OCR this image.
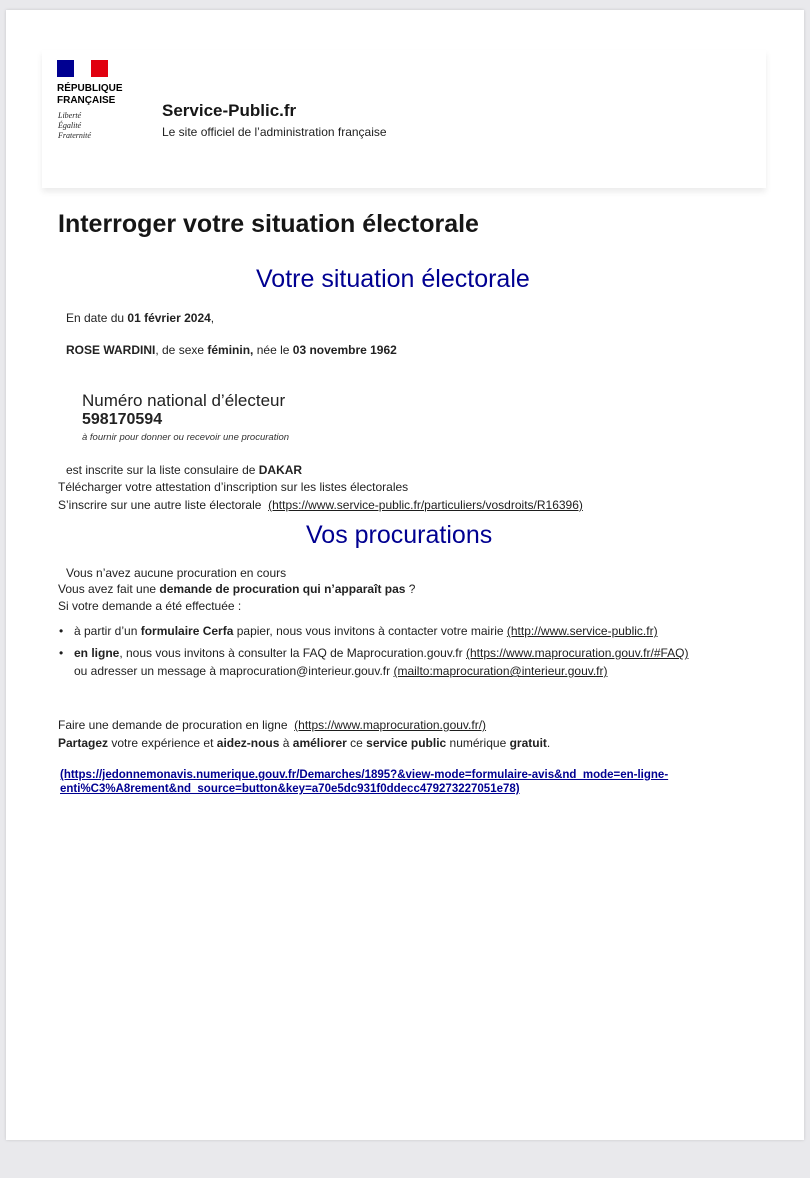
RÉPUBLIQUE
FRANÇAISE
Liberté
Égalité
Fraternité
Service-Public.fr
Le site officiel de l’administration française
Interroger votre situation électorale
Votre situation électorale
En date du 01 février 2024,
ROSE WARDINI, de sexe féminin, née le 03 novembre 1962
Numéro national d’électeur
598170594
à fournir pour donner ou recevoir une procuration
est inscrite sur la liste consulaire de DAKAR
Télécharger votre attestation d’inscription sur les listes électorales
S’inscrire sur une autre liste électorale (https://www.service-public.fr/particuliers/vosdroits/R16396)
Vos procurations
Vous n’avez aucune procuration en cours
Vous avez fait une demande de procuration qui n’apparaît pas ?
Si votre demande a été effectuée :
• à partir d’un formulaire Cerfa papier, nous vous invitons à contacter votre mairie (http://www.service-public.fr)
• en ligne, nous vous invitons à consulter la FAQ de Maprocuration.gouv.fr (https://www.maprocuration.gouv.fr/#FAQ)
ou adresser un message à maprocuration@interieur.gouv.fr (mailto:maprocuration@interieur.gouv.fr)
Faire une demande de procuration en ligne (https://www.maprocuration.gouv.fr/)
Partagez votre expérience et aidez-nous à améliorer ce service public numérique gratuit.
(https://jedonnemonavis.numerique.gouv.fr/Demarches/1895?&view-mode=formulaire-avis&nd_mode=en-ligne-
enti%C3%A8rement&nd_source=button&key=a70e5dc931f0ddecc479273227051e78)
